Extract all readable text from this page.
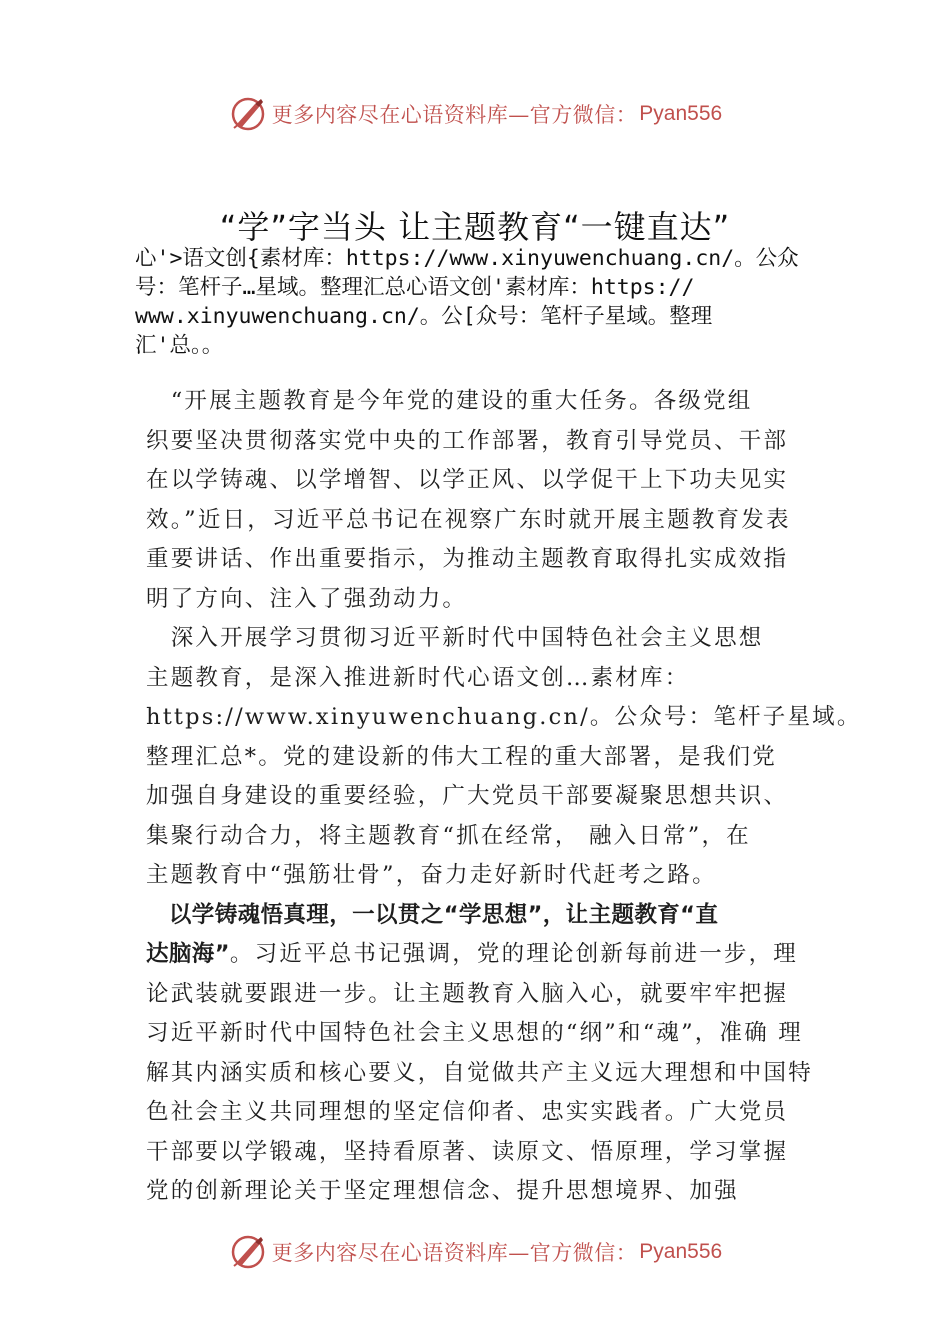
更多内容尽在心语资料库—官方微信： Pyan556
“学”字当头 让主题教育“一键直达”

心'>语文创{素材库：https://www.xinyuwenchuang.cn/。公众

号：笔杆子…星域。整理汇总心语文创'素材库：https://

www.xinyuwenchuang.cn/。公[众号：笔杆子星域。整理

汇'总。。

　“开展主题教育是今年党的建设的重大任务。各级党组

织要坚决贯彻落实党中央的工作部署，教育引导党员、干部

在以学铸魂、以学增智、以学正风、以学促干上下功夫见实

效。”近日，习近平总书记在视察广东时就开展主题教育发表

重要讲话、作出重要指示，为推动主题教育取得扎实成效指

明了方向、注入了强劲动力。

　深入开展学习贯彻习近平新时代中国特色社会主义思想

主题教育，是深入推进新时代心语文创…素材库：

https://www.xinyuwenchuang.cn/。公众号：笔杆子星域。

整理汇总*。党的建设新的伟大工程的重大部署，是我们党

加强自身建设的重要经验，广大党员干部要凝聚思想共识、

集聚行动合力，将主题教育“抓在经常， 融入日常”，在

主题教育中“强筋壮骨”，奋力走好新时代赶考之路。

　以学铸魂悟真理，一以贯之“学思想”，让主题教育“直

达脑海”。习近平总书记强调，党的理论创新每前进一步，理

论武装就要跟进一步。让主题教育入脑入心，就要牢牢把握

习近平新时代中国特色社会主义思想的“纲”和“魂”，准确 理

解其内涵实质和核心要义，自觉做共产主义远大理想和中国特

色社会主义共同理想的坚定信仰者、忠实实践者。广大党员

干部要以学锻魂，坚持看原著、读原文、悟原理，学习掌握

党的创新理论关于坚定理想信念、提升思想境界、加强

更多内容尽在心语资料库—官方微信： Pyan556
